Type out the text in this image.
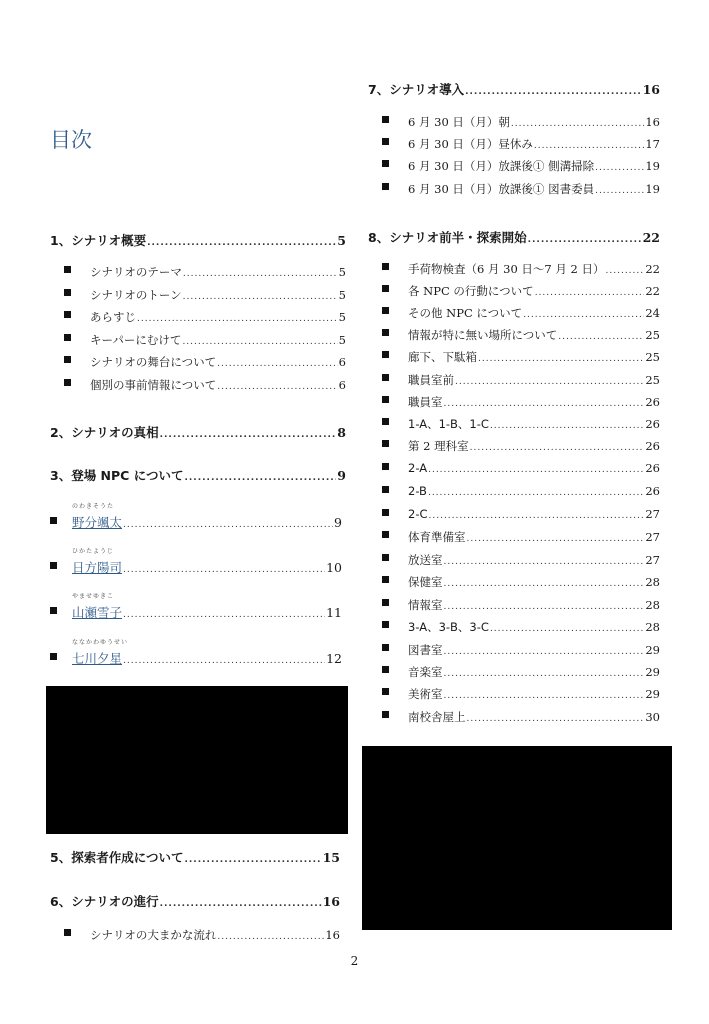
目次
1、シナリオ概要 .....	5
シナリオのテーマ .....	5
シナリオのトーン .....	5
あらすじ .....	5
キーパーにむけて .....	5
シナリオの舞台について .....	6
個別の事前情報について .....	6
2、シナリオの真相 .....	8
3、登場 NPC について .....	9
のわきそうた
野分颯太 .....	9
ひかたようじ
日方陽司 .....	10
やませゆきこ
山瀬雪子 .....	11
ななかわゆうせい
七川夕星 .....	12
5、探索者作成について .....	15
6、シナリオの進行 .....	16
シナリオの大まかな流れ .....	16
7、シナリオ導入 .....	16
6 月 30 日（月）朝 .....	16
6 月 30 日（月）昼休み .....	17
6 月 30 日（月）放課後① 側溝掃除 .....	19
6 月 30 日（月）放課後① 図書委員 .....	19
8、シナリオ前半・探索開始 .....	22
手荷物検査（6 月 30 日～7 月 2 日） .....	22
各 NPC の行動について .....	22
その他 NPC について .....	24
情報が特に無い場所について .....	25
廊下、下駄箱 .....	25
職員室前 .....	25
職員室 .....	26
1-A、1-B、1-C .....	26
第 2 理科室 .....	26
2-A .....	26
2-B .....	26
2-C .....	27
体育準備室 .....	27
放送室 .....	27
保健室 .....	28
情報室 .....	28
3-A、3-B、3-C .....	28
図書室 .....	29
音楽室 .....	29
美術室 .....	29
南校舎屋上 .....	30
2
